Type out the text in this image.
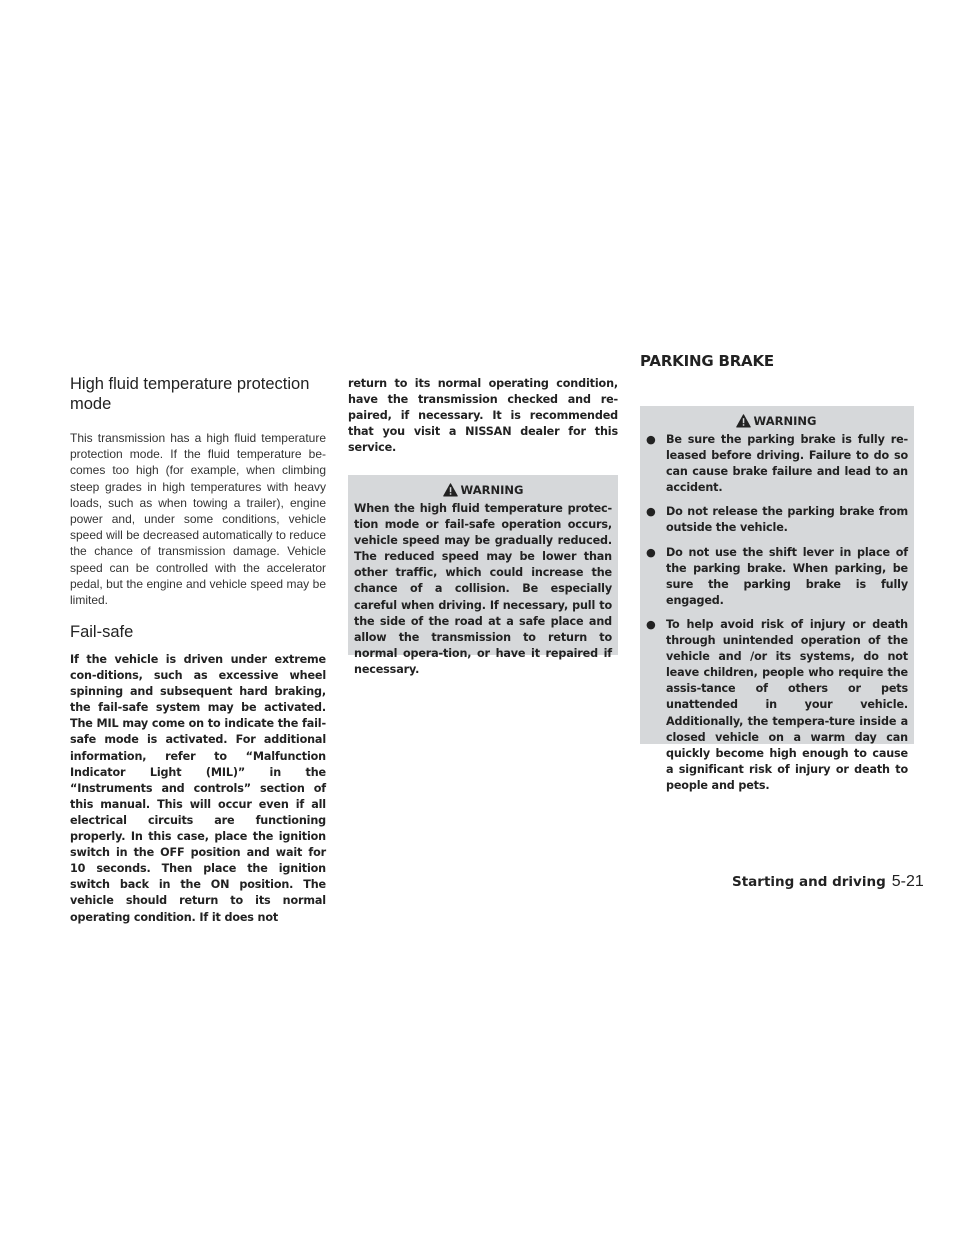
PARKING BRAKE
High fluid temperature protection mode

This transmission has a high fluid temperature protection mode. If the fluid temperature be-comes too high (for example, when climbing steep grades in high temperatures with heavy loads, such as when towing a trailer), engine power and, under some conditions, vehicle speed will be decreased automatically to reduce the chance of transmission damage. Vehicle speed can be controlled with the accelerator pedal, but the engine and vehicle speed may be limited.

Fail-safe

If the vehicle is driven under extreme con-ditions, such as excessive wheel spinning and subsequent hard braking, the fail-safe system may be activated. The MIL may come on to indicate the fail-safe mode is activated. For additional information, refer to “Malfunction Indicator Light (MIL)” in the “Instruments and controls” section of this manual. This will occur even if all electrical circuits are functioning properly. In this case, place the ignition switch in the OFF position and wait for 10 seconds. Then place the ignition switch back in the ON position. The vehicle should return to its normal operating condition. If it does not

return to its normal operating condition, have the transmission checked and re-paired, if necessary. It is recommended that you visit a NISSAN dealer for this service.

WARNING
When the high fluid temperature protec-tion mode or fail-safe operation occurs, vehicle speed may be gradually reduced. The reduced speed may be lower than other traffic, which could increase the chance of a collision. Be especially careful when driving. If necessary, pull to the side of the road at a safe place and allow the transmission to return to normal opera-tion, or have it repaired if necessary.
WARNING
● Be sure the parking brake is fully re-leased before driving. Failure to do so can cause brake failure and lead to an accident.
● Do not release the parking brake from outside the vehicle.
● Do not use the shift lever in place of the parking brake. When parking, be sure the parking brake is fully engaged.
● To help avoid risk of injury or death through unintended operation of the vehicle and /or its systems, do not leave children, people who require the assis-tance of others or pets unattended in your vehicle. Additionally, the tempera-ture inside a closed vehicle on a warm day can quickly become high enough to cause a significant risk of injury or death to people and pets.
Starting and driving 5-21
